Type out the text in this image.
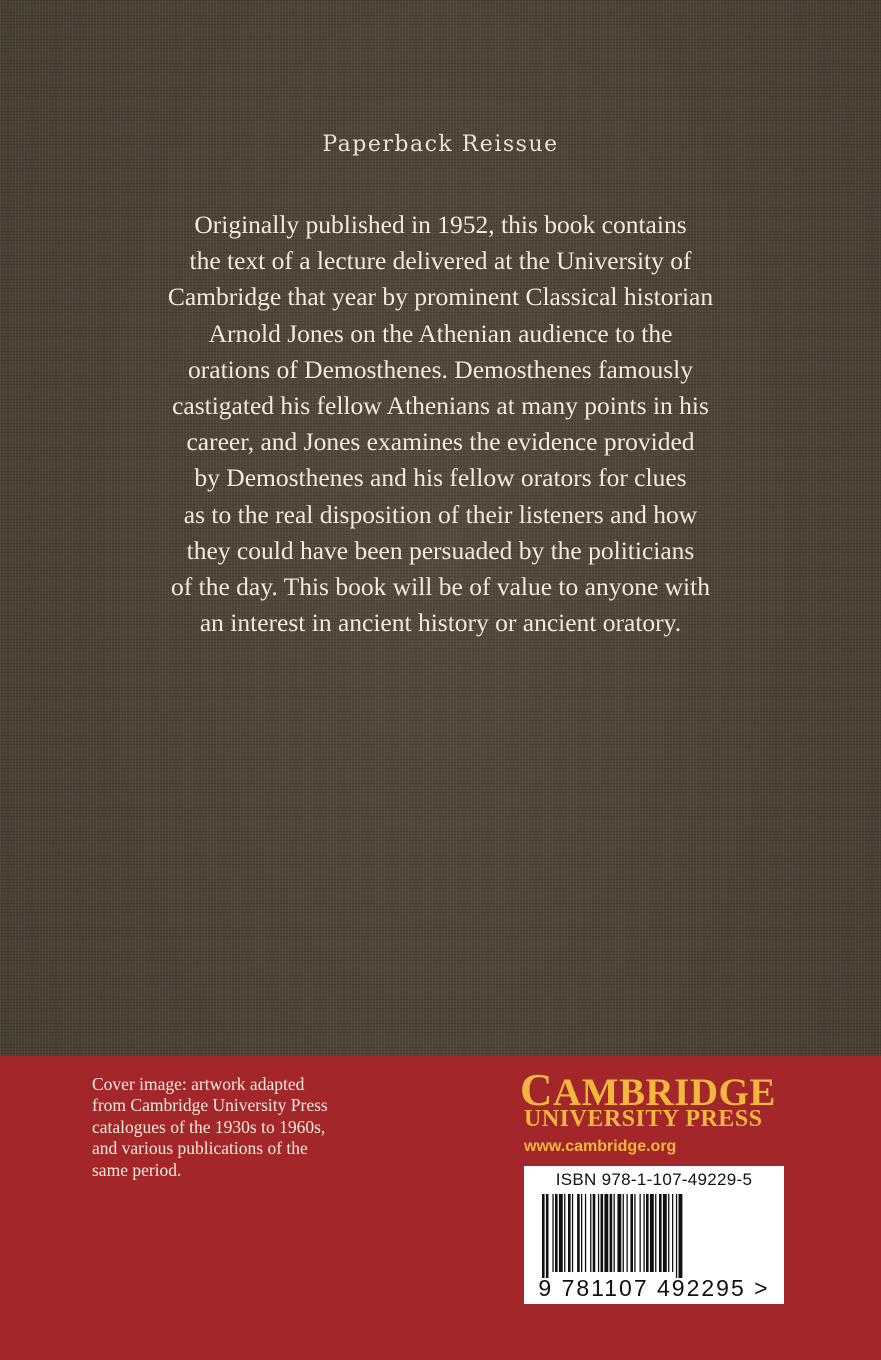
Paperback Reissue

Originally published in 1952, this book contains
the text of a lecture delivered at the University of
Cambridge that year by prominent Classical historian
Arnold Jones on the Athenian audience to the
orations of Demosthenes. Demosthenes famously
castigated his fellow Athenians at many points in his
career, and Jones examines the evidence provided
by Demosthenes and his fellow orators for clues
as to the real disposition of their listeners and how
they could have been persuaded by the politicians
of the day. This book will be of value to anyone with
an interest in ancient history or ancient oratory.

Cover image: artwork adapted
from Cambridge University Press
catalogues of the 1930s to 1960s,
and various publications of the
same period.

CAMBRIDGE
UNIVERSITY PRESS
www.cambridge.org
ISBN 978-1-107-49229-5
9 781107 492295 >
